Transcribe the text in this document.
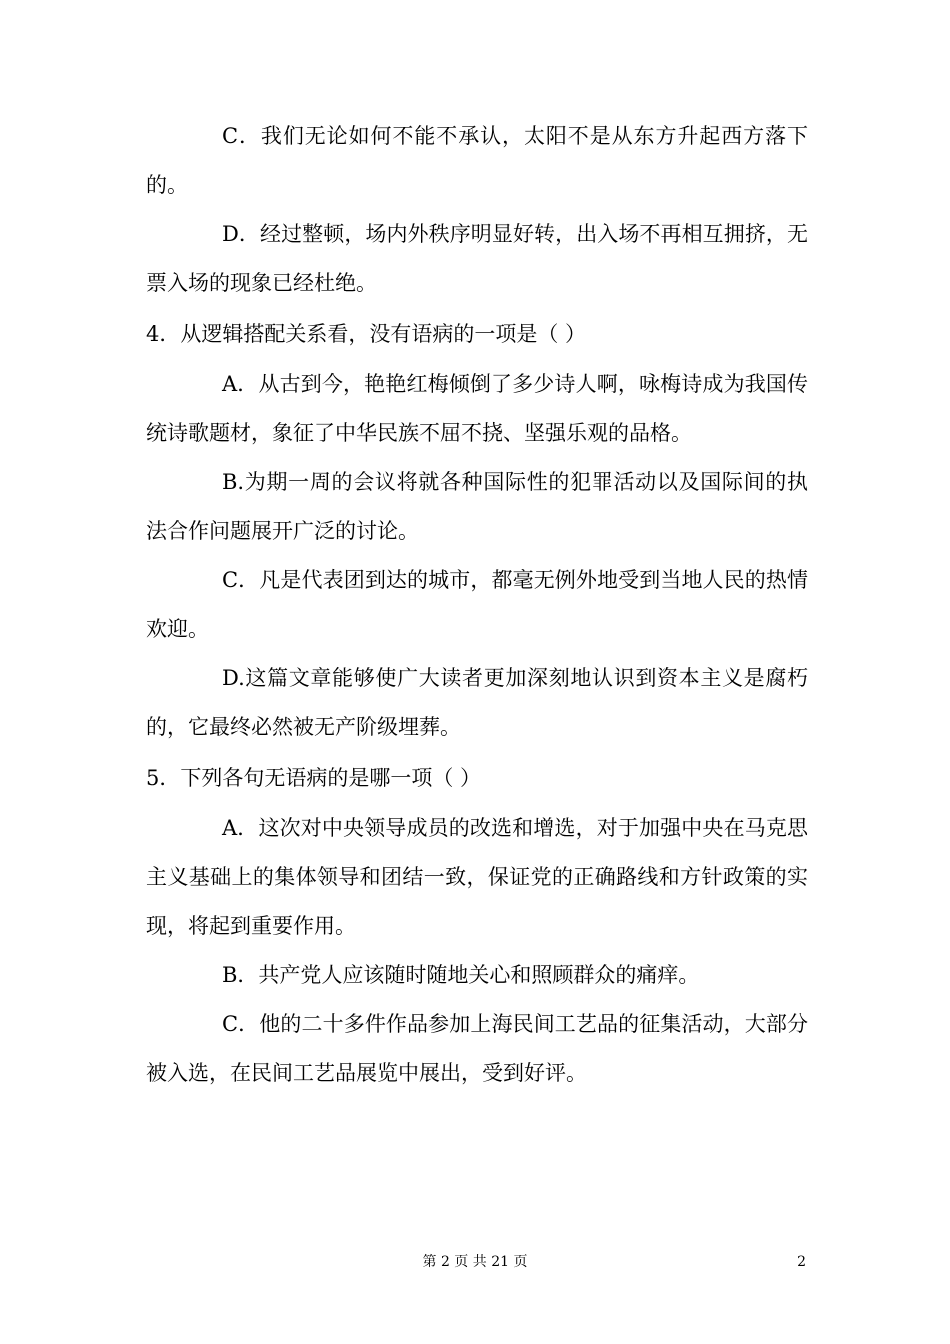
C．我们无论如何不能不承认，太阳不是从东方升起西方落下的。

D．经过整顿，场内外秩序明显好转，出入场不再相互拥挤，无票入场的现象已经杜绝。

4．从逻辑搭配关系看，没有语病的一项是（ ）

A．从古到今，艳艳红梅倾倒了多少诗人啊，咏梅诗成为我国传统诗歌题材，象征了中华民族不屈不挠、坚强乐观的品格。

B.为期一周的会议将就各种国际性的犯罪活动以及国际间的执法合作问题展开广泛的讨论。

C．凡是代表团到达的城市，都毫无例外地受到当地人民的热情欢迎。

D.这篇文章能够使广大读者更加深刻地认识到资本主义是腐朽的，它最终必然被无产阶级埋葬。

5．下列各句无语病的是哪一项（ ）

A．这次对中央领导成员的改选和增选，对于加强中央在马克思主义基础上的集体领导和团结一致，保证党的正确路线和方针政策的实现，将起到重要作用。

B．共产党人应该随时随地关心和照顾群众的痛痒。

C．他的二十多件作品参加上海民间工艺品的征集活动，大部分被入选，在民间工艺品展览中展出，受到好评。

第 2 页 共 21 页	2
